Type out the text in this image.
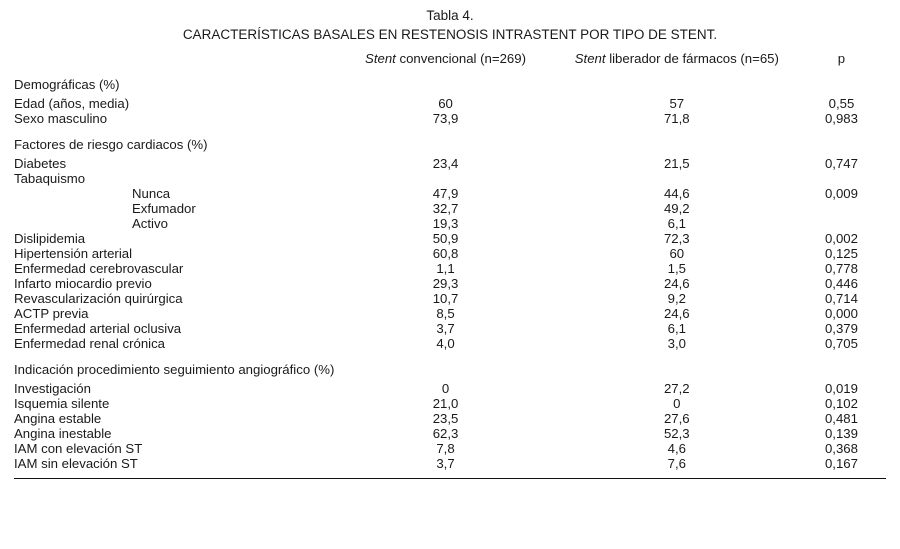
Tabla 4.
CARACTERÍSTICAS BASALES EN RESTENOSIS INTRASTENT POR TIPO DE STENT.
	Stent convencional (n=269)	Stent liberador de fármacos (n=65)	p
Demográficas (%)			
Edad (años, media)	60	57	0,55
Sexo masculino	73,9	71,8	0,983
Factores de riesgo cardiacos (%)			
Diabetes	23,4	21,5	0,747
Tabaquismo			
Nunca	47,9	44,6	0,009
Exfumador	32,7	49,2	
Activo	19,3	6,1	
Dislipidemia	50,9	72,3	0,002
Hipertensión arterial	60,8	60	0,125
Enfermedad cerebrovascular	1,1	1,5	0,778
Infarto miocardio previo	29,3	24,6	0,446
Revascularización quirúrgica	10,7	9,2	0,714
ACTP previa	8,5	24,6	0,000
Enfermedad arterial oclusiva	3,7	6,1	0,379
Enfermedad renal crónica	4,0	3,0	0,705
Indicación procedimiento seguimiento angiográfico (%)			
Investigación	0	27,2	0,019
Isquemia silente	21,0	0	0,102
Angina estable	23,5	27,6	0,481
Angina inestable	62,3	52,3	0,139
IAM con elevación ST	7,8	4,6	0,368
IAM sin elevación ST	3,7	7,6	0,167
